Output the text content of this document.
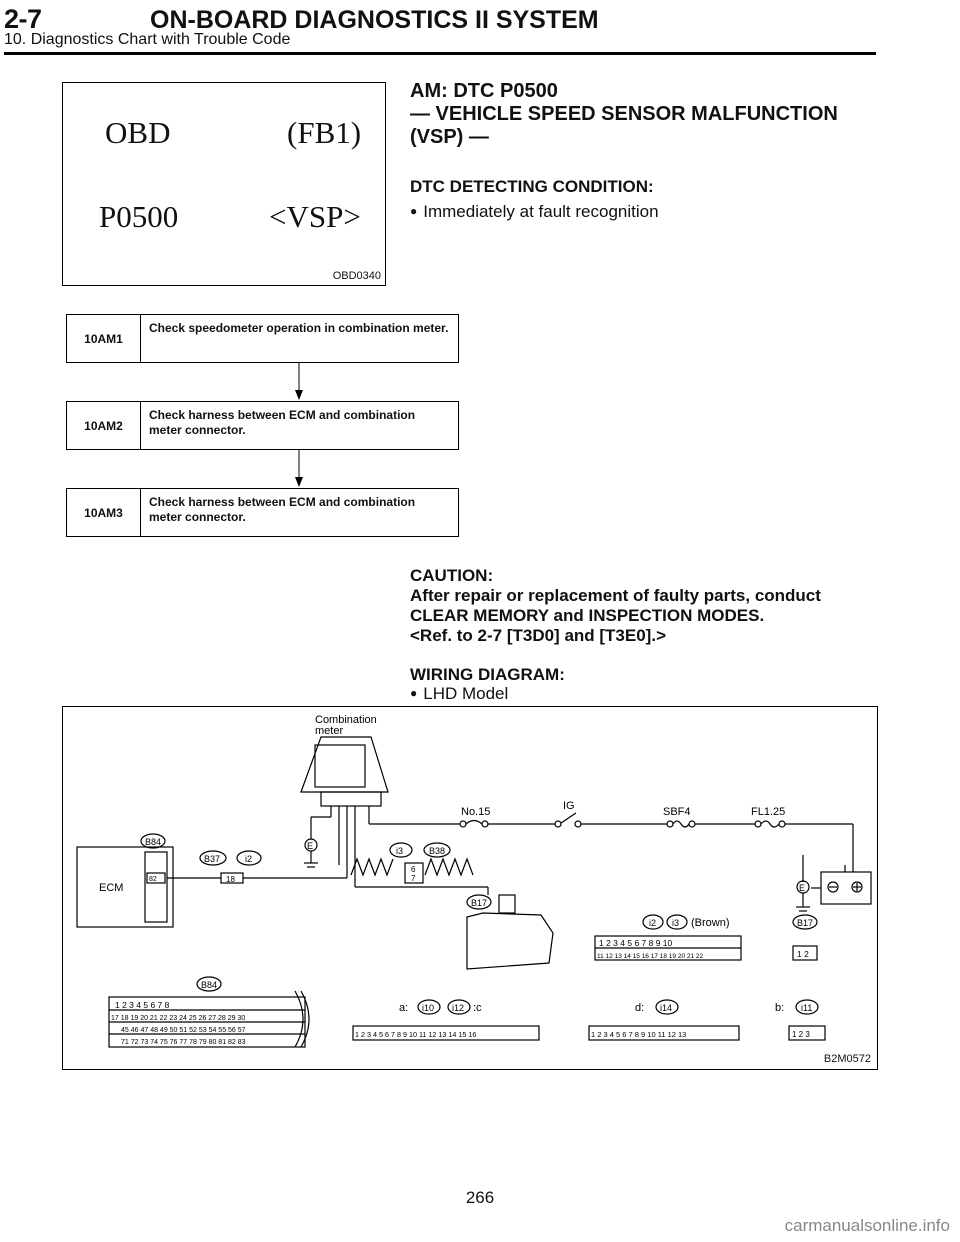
2-7	ON-BOARD DIAGNOSTICS II SYSTEM
10. Diagnostics Chart with Trouble Code
OBD	(FB1)
P0500	<VSP>
OBD0340
AM: DTC P0500
— VEHICLE SPEED SENSOR MALFUNCTION
(VSP) —
DTC DETECTING CONDITION:
● Immediately at fault recognition
10AM1
Check speedometer operation in combination meter.
10AM2
Check harness between ECM and combination meter connector.
10AM3
Check harness between ECM and combination meter connector.
CAUTION:
After repair or replacement of faulty parts, conduct
CLEAR MEMORY and INSPECTION MODES.
<Ref. to 2-7 [T3D0] and [T3E0].>
WIRING DIAGRAM:
● LHD Model
Combination
meter
No.15	IG	SBF4	FL1.25
ECM
B84
B37	i2
i3	B38
B17
E
E
18
6
7
82
i2 i3 (Brown)	B17
B84
a: i10 i12 :c	d: i14	b: i11
1 2 3 4 5 6 7 8 9 10
11 12 13 14 15 16 17 18 19 20 21 22	1 2
1 2 3 4 5 6 7 8
17 18 19 20 21 22 23 24 25 26 27 28 29 30
45 46 47 48 49 50 51 52 53 54 55 56 57
71 72 73 74 75 76 77 78 79 80 81 82 83
1 2 3 4 5 6 7 8 9 10 11 12 13 14 15 16	1 2 3 4 5 6 7 8 9 10 11 12 13	1 2 3
B2M0572
266
carmanualsonline.info
